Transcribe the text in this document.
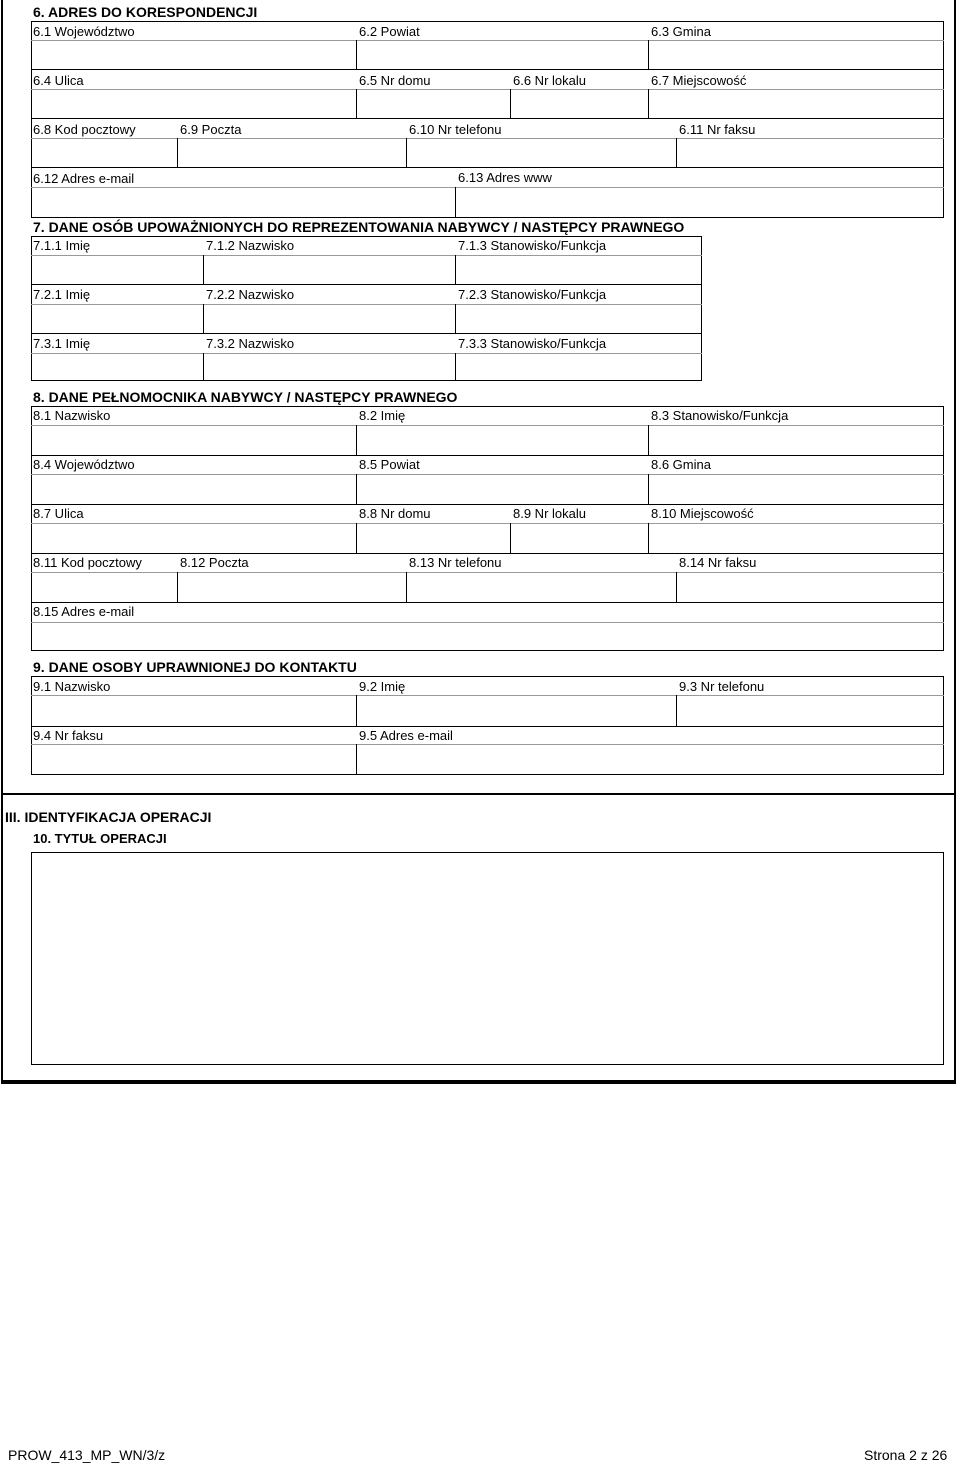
6. ADRES DO KORESPONDENCJI
6.1 Województwo	6.2 Powiat	6.3 Gmina
6.4 Ulica	6.5 Nr domu	6.6 Nr lokalu	6.7 Miejscowość
6.8 Kod pocztowy	6.9 Poczta	6.10 Nr telefonu	6.11 Nr faksu
6.12 Adres e-mail	6.13 Adres www
7. DANE OSÓB UPOWAŻNIONYCH DO REPREZENTOWANIA NABYWCY / NASTĘPCY PRAWNEGO
7.1.1 Imię	7.1.2 Nazwisko	7.1.3 Stanowisko/Funkcja
7.2.1 Imię	7.2.2 Nazwisko	7.2.3 Stanowisko/Funkcja
7.3.1 Imię	7.3.2 Nazwisko	7.3.3 Stanowisko/Funkcja
8. DANE PEŁNOMOCNIKA NABYWCY / NASTĘPCY PRAWNEGO
8.1 Nazwisko	8.2 Imię	8.3 Stanowisko/Funkcja
8.4 Województwo	8.5 Powiat	8.6 Gmina
8.7 Ulica	8.8 Nr domu	8.9 Nr lokalu	8.10 Miejscowość
8.11 Kod pocztowy	8.12 Poczta	8.13 Nr telefonu	8.14 Nr faksu
8.15 Adres e-mail
9. DANE OSOBY UPRAWNIONEJ DO KONTAKTU
9.1 Nazwisko	9.2 Imię	9.3 Nr telefonu
9.4 Nr faksu	9.5 Adres e-mail
III. IDENTYFIKACJA OPERACJI
10. TYTUŁ OPERACJI
PROW_413_MP_WN/3/z	Strona 2 z 26
